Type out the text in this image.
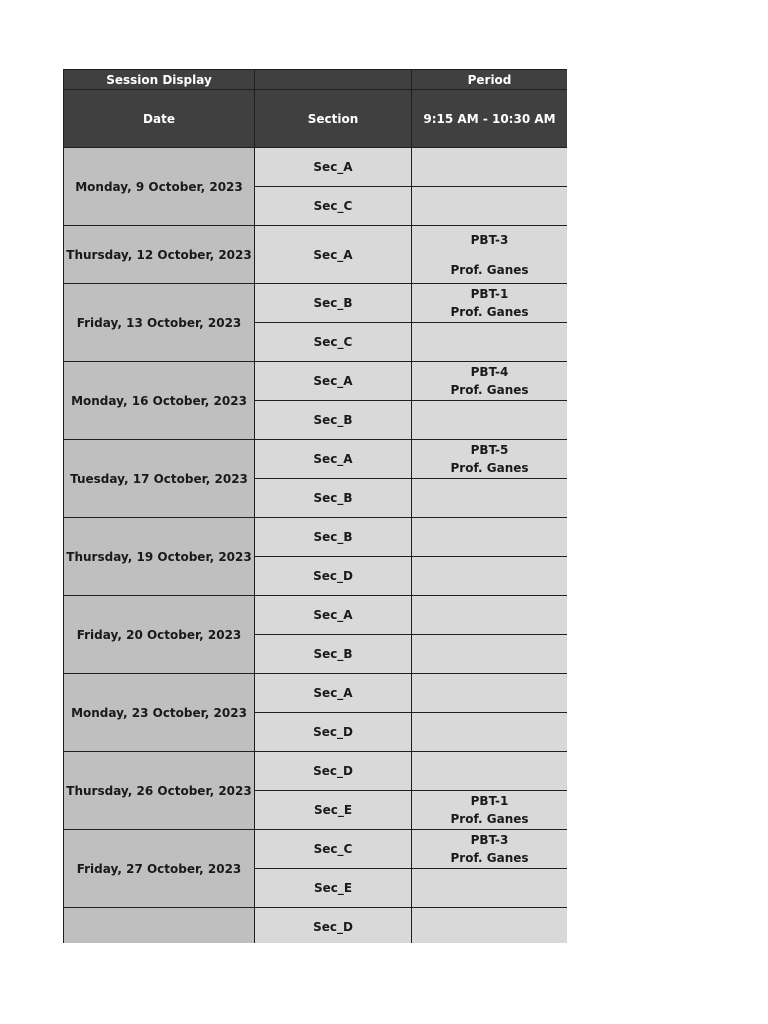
Session Display		Period
Date	Section	9:15 AM - 10:30 AM
Monday, 9 October, 2023	Sec_A	
	Sec_C	
Thursday, 12 October, 2023	Sec_A	PBT-3
Prof. Ganes

Friday, 13 October, 2023	Sec_B	PBT-1
Prof. Ganes

	Sec_C	
Monday, 16 October, 2023	Sec_A	PBT-4
Prof. Ganes

	Sec_B	
Tuesday, 17 October, 2023	Sec_A	PBT-5
Prof. Ganes

	Sec_B	
Thursday, 19 October, 2023	Sec_B	
	Sec_D	
Friday, 20 October, 2023	Sec_A	
	Sec_B	
Monday, 23 October, 2023	Sec_A	
	Sec_D	
Thursday, 26 October, 2023	Sec_D	
	Sec_E	PBT-1
Prof. Ganes

Friday, 27 October, 2023	Sec_C	PBT-3
Prof. Ganes

	Sec_E	
	Sec_D	
